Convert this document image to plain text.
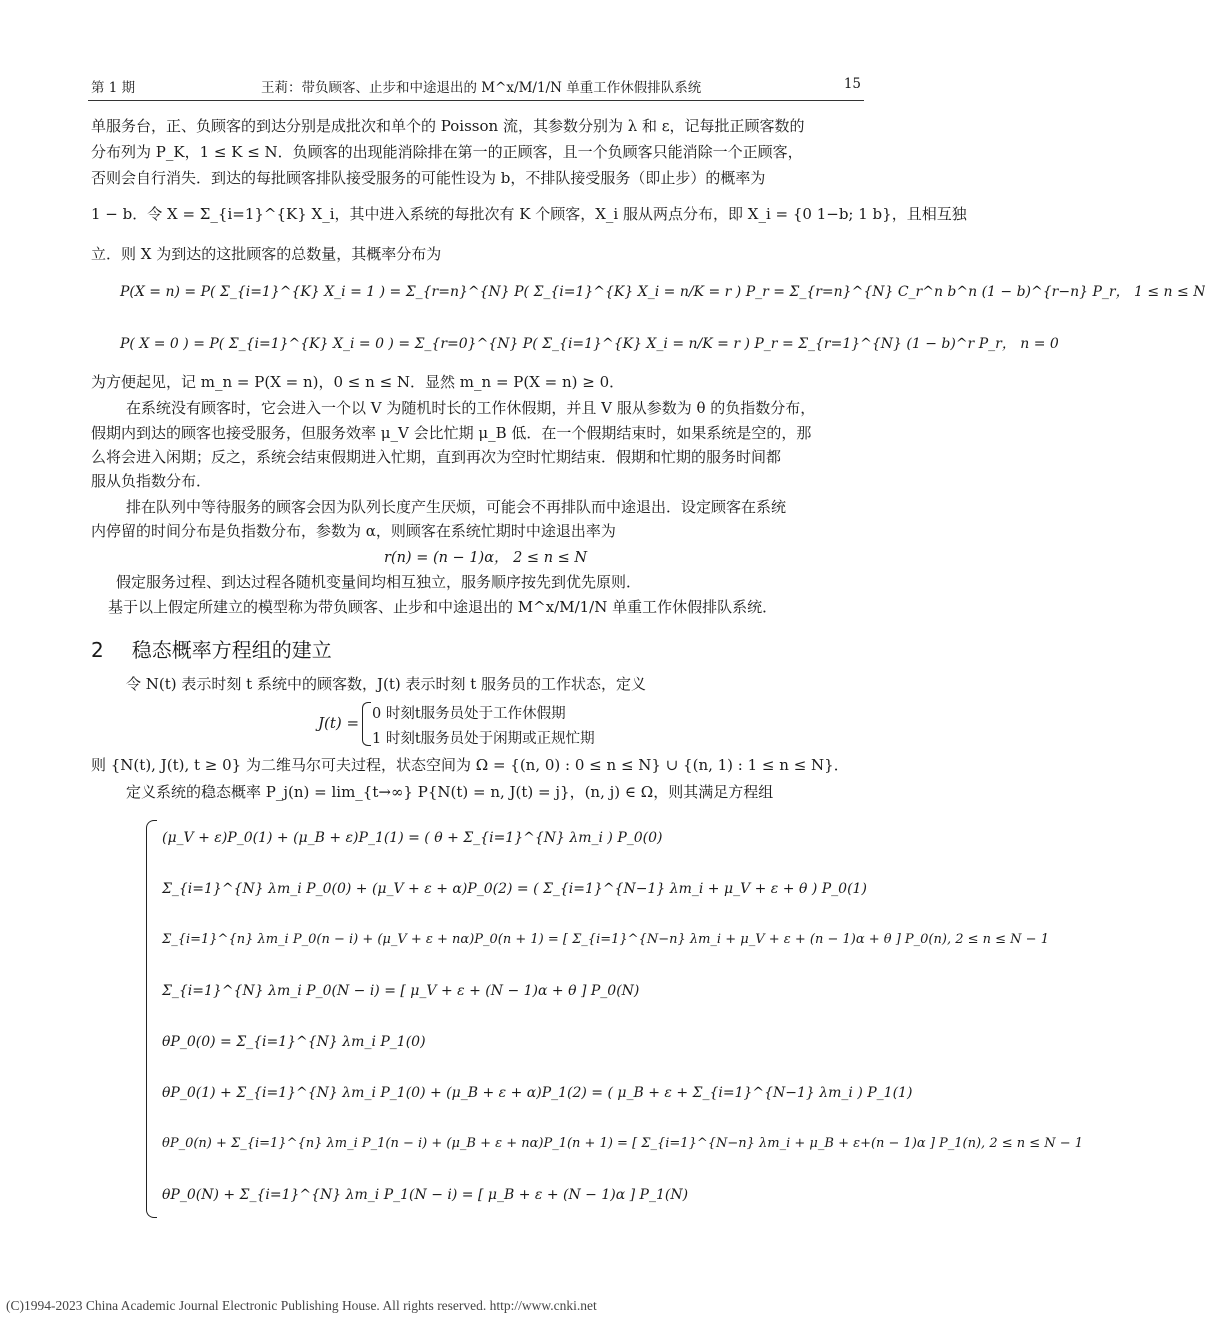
第 1 期	王莉：带负顾客、止步和中途退出的 M^x/M/1/N 单重工作休假排队系统	15
单服务台，正、负顾客的到达分别是成批次和单个的 Poisson 流，其参数分别为 λ 和 ε，记每批正顾客数的
分布列为 P_K，1 ≤ K ≤ N．负顾客的出现能消除排在第一的正顾客，且一个负顾客只能消除一个正顾客，
否则会自行消失．到达的每批顾客排队接受服务的可能性设为 b，不排队接受服务（即止步）的概率为
1 − b．令 X = Σ_{i=1}^{K} X_i，其中进入系统的每批次有 K 个顾客，X_i 服从两点分布，即 X_i = {0 1−b; 1 b}，且相互独
立．则 X 为到达的这批顾客的总数量，其概率分布为
P(X = n) = P( Σ_{i=1}^{K} X_i = 1 ) = Σ_{r=n}^{N} P( Σ_{i=1}^{K} X_i = n/K = r ) P_r = Σ_{r=n}^{N} C_r^n b^n (1 − b)^{r−n} P_r， 1 ≤ n ≤ N
P( X = 0 ) = P( Σ_{i=1}^{K} X_i = 0 ) = Σ_{r=0}^{N} P( Σ_{i=1}^{K} X_i = n/K = r ) P_r = Σ_{r=1}^{N} (1 − b)^r P_r， n = 0
为方便起见，记 m_n = P(X = n)，0 ≤ n ≤ N．显然 m_n = P(X = n) ≥ 0．
在系统没有顾客时，它会进入一个以 V 为随机时长的工作休假期，并且 V 服从参数为 θ 的负指数分布，
假期内到达的顾客也接受服务，但服务效率 μ_V 会比忙期 μ_B 低．在一个假期结束时，如果系统是空的，那
么将会进入闲期；反之，系统会结束假期进入忙期，直到再次为空时忙期结束．假期和忙期的服务时间都
服从负指数分布．
排在队列中等待服务的顾客会因为队列长度产生厌烦，可能会不再排队而中途退出．设定顾客在系统
内停留的时间分布是负指数分布，参数为 α，则顾客在系统忙期时中途退出率为
r(n) = (n − 1)α， 2 ≤ n ≤ N
假定服务过程、到达过程各随机变量间均相互独立，服务顺序按先到优先原则．
基于以上假定所建立的模型称为带负顾客、止步和中途退出的 M^x/M/1/N 单重工作休假排队系统．
2 稳态概率方程组的建立
令 N(t) 表示时刻 t 系统中的顾客数，J(t) 表示时刻 t 服务员的工作状态，定义
J(t) = 0 时刻t服务员处于工作休假期
1 时刻t服务员处于闲期或正规忙期
则 {N(t), J(t), t ≥ 0} 为二维马尔可夫过程，状态空间为 Ω = {(n, 0) : 0 ≤ n ≤ N} ∪ {(n, 1) : 1 ≤ n ≤ N}．
定义系统的稳态概率 P_j(n) = lim_{t→∞} P{N(t) = n, J(t) = j}，(n, j) ∈ Ω，则其满足方程组
(μ_V + ε)P_0(1) + (μ_B + ε)P_1(1) = ( θ + Σ_{i=1}^{N} λm_i ) P_0(0)
Σ_{i=1}^{N} λm_i P_0(0) + (μ_V + ε + α)P_0(2) = ( Σ_{i=1}^{N−1} λm_i + μ_V + ε + θ ) P_0(1)
Σ_{i=1}^{n} λm_i P_0(n − i) + (μ_V + ε + nα)P_0(n + 1) = [ Σ_{i=1}^{N−n} λm_i + μ_V + ε + (n − 1)α + θ ] P_0(n), 2 ≤ n ≤ N − 1
Σ_{i=1}^{N} λm_i P_0(N − i) = [ μ_V + ε + (N − 1)α + θ ] P_0(N)
θP_0(0) = Σ_{i=1}^{N} λm_i P_1(0)
θP_0(1) + Σ_{i=1}^{N} λm_i P_1(0) + (μ_B + ε + α)P_1(2) = ( μ_B + ε + Σ_{i=1}^{N−1} λm_i ) P_1(1)
θP_0(n) + Σ_{i=1}^{n} λm_i P_1(n − i) + (μ_B + ε + nα)P_1(n + 1) = [ Σ_{i=1}^{N−n} λm_i + μ_B + ε+(n − 1)α ] P_1(n), 2 ≤ n ≤ N − 1
θP_0(N) + Σ_{i=1}^{N} λm_i P_1(N − i) = [ μ_B + ε + (N − 1)α ] P_1(N)
(C)1994-2023 China Academic Journal Electronic Publishing House. All rights reserved. http://www.cnki.net
